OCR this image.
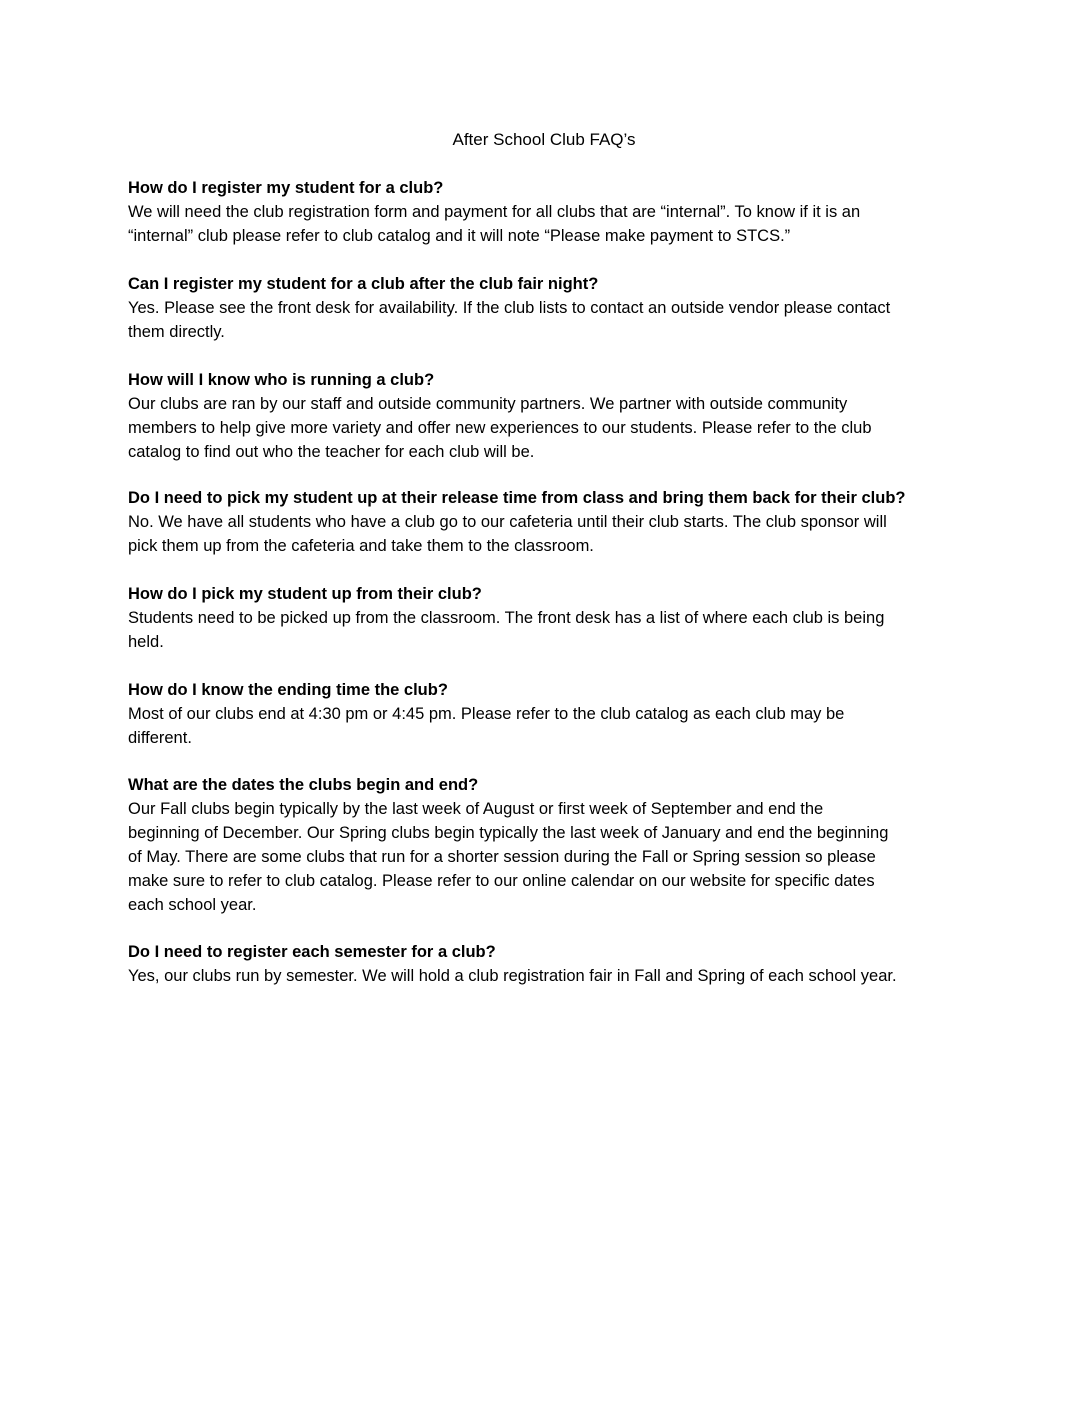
After School Club FAQ’s

How do I register my student for a club?

We will need the club registration form and payment for all clubs that are “internal”. To know if it is an
“internal” club please refer to club catalog and it will note “Please make payment to STCS.”

Can I register my student for a club after the club fair night?

Yes. Please see the front desk for availability. If the club lists to contact an outside vendor please contact
them directly.

How will I know who is running a club?

Our clubs are ran by our staff and outside community partners. We partner with outside community
members to help give more variety and offer new experiences to our students. Please refer to the club
catalog to find out who the teacher for each club will be.

Do I need to pick my student up at their release time from class and bring them back for their club?

No. We have all students who have a club go to our cafeteria until their club starts. The club sponsor will
pick them up from the cafeteria and take them to the classroom.

How do I pick my student up from their club?

Students need to be picked up from the classroom. The front desk has a list of where each club is being
held.

How do I know the ending time the club?

Most of our clubs end at 4:30 pm or 4:45 pm. Please refer to the club catalog as each club may be
different.

What are the dates the clubs begin and end?

Our Fall clubs begin typically by the last week of August or first week of September and end the
beginning of December. Our Spring clubs begin typically the last week of January and end the beginning
of May. There are some clubs that run for a shorter session during the Fall or Spring session so please
make sure to refer to club catalog. Please refer to our online calendar on our website for specific dates
each school year.

Do I need to register each semester for a club?

Yes, our clubs run by semester. We will hold a club registration fair in Fall and Spring of each school year.
